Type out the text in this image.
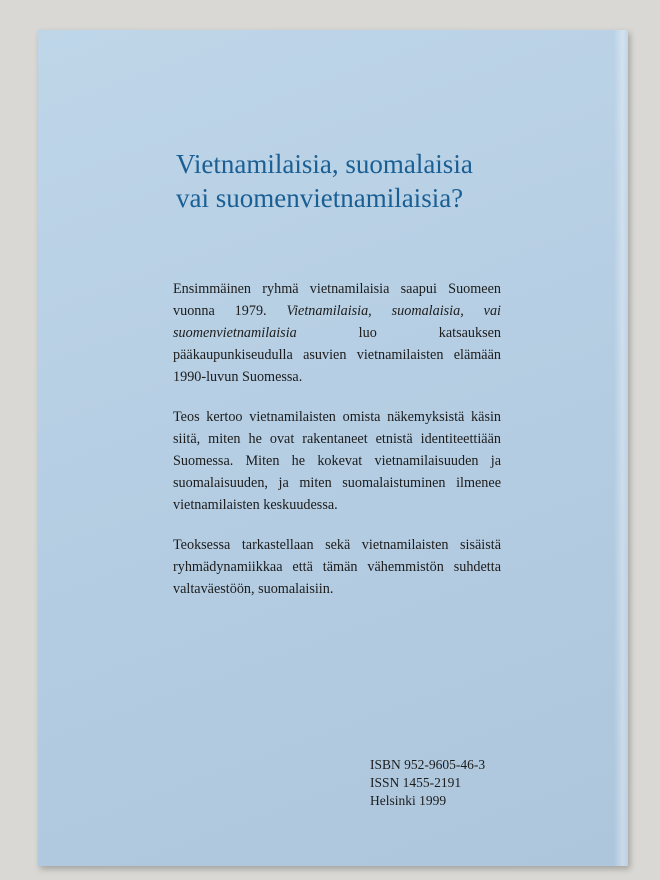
Vietnamilaisia, suomalaisia
vai suomenvietnamilaisia?

Ensimmäinen ryhmä vietnamilaisia saapui Suomeen vuonna 1979. Vietnamilaisia, suomalaisia, vai suomenvietnamilaisia luo katsauksen pääkaupunkiseudulla asuvien vietnamilaisten elämään 1990-luvun Suomessa.

Teos kertoo vietnamilaisten omista näkemyksistä käsin siitä, miten he ovat rakentaneet etnistä identiteettiään Suomessa. Miten he kokevat vietnamilaisuuden ja suomalaisuuden, ja miten suomalaistuminen ilmenee vietnamilaisten keskuudessa.

Teoksessa tarkastellaan sekä vietnamilaisten sisäistä ryhmädynamiikkaa että tämän vähemmistön suhdetta valtaväestöön, suomalaisiin.

ISBN 952-9605-46-3
ISSN 1455-2191
Helsinki 1999
